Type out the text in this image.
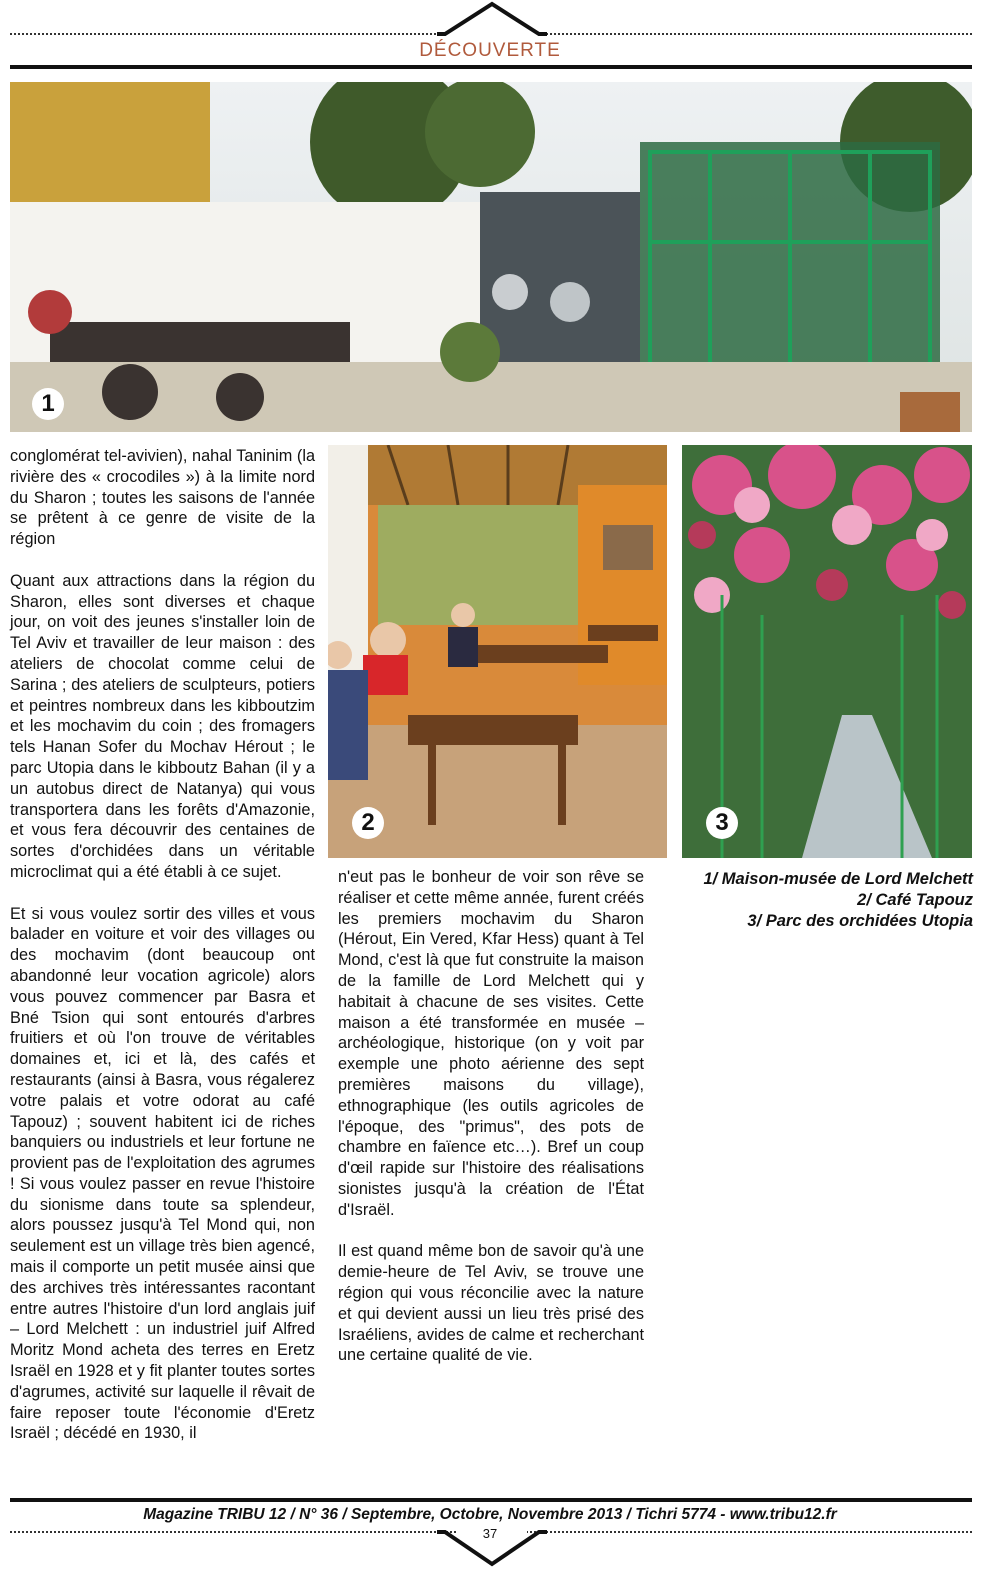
DÉCOUVERTE
1
2	3

conglomérat tel-avivien), nahal Taninim (la rivière des « crocodiles ») à la limite nord du Sharon ; toutes les saisons de l'année se prêtent à ce genre de visite de la région

Quant aux attractions dans la région du Sharon, elles sont diverses et chaque jour, on voit des jeunes s'installer loin de Tel Aviv et travailler de leur maison : des ateliers de chocolat comme celui de Sarina ; des ateliers de sculpteurs, potiers et peintres nombreux dans les kibboutzim et les mochavim du coin ; des fromagers tels Hanan Sofer du Mochav Hérout ; le parc Utopia dans le kibboutz Bahan (il y a un autobus direct de Natanya) qui vous transportera dans les forêts d'Amazonie, et vous fera découvrir des centaines de sortes d'orchidées dans un véritable microclimat qui a été établi à ce sujet.

Et si vous voulez sortir des villes et vous balader en voiture et voir des villages ou des mochavim (dont beaucoup ont abandonné leur vocation agricole) alors vous pouvez commencer par Basra et Bné Tsion qui sont entourés d'arbres fruitiers et où l'on trouve de véritables domaines et, ici et là, des cafés et restaurants (ainsi à Basra, vous régalerez votre palais et votre odorat au café Tapouz) ; souvent habitent ici de riches banquiers ou industriels et leur fortune ne provient pas de l'exploitation des agrumes ! Si vous voulez passer en revue l'histoire du sionisme dans toute sa splendeur, alors poussez jusqu'à Tel Mond qui, non seulement est un village très bien agencé, mais il comporte un petit musée ainsi que des archives très intéressantes racontant entre autres l'histoire d'un lord anglais juif – Lord Melchett : un industriel juif Alfred Moritz Mond acheta des terres en Eretz Israël en 1928 et y fit planter toutes sortes d'agrumes, activité sur laquelle il rêvait de faire reposer toute l'économie d'Eretz Israël ; décédé en 1930, il

n'eut pas le bonheur de voir son rêve se réaliser et cette même année, furent créés les premiers mochavim du Sharon (Hérout, Ein Vered, Kfar Hess) quant à Tel Mond, c'est là que fut construite la maison de la famille de Lord Melchett qui y habitait à chacune de ses visites. Cette maison a été transformée en musée – archéologique, historique (on y voit par exemple une photo aérienne des sept premières maisons du village), ethnographique (les outils agricoles de l'époque, des "primus", des pots de chambre en faïence etc…). Bref un coup d'œil rapide sur l'histoire des réalisations sionistes jusqu'à la création de l'État d'Israël.

Il est quand même bon de savoir qu'à une demie-heure de Tel Aviv, se trouve une région qui vous réconcilie avec la nature et qui devient aussi un lieu très prisé des Israéliens, avides de calme et recherchant une certaine qualité de vie.

1/ Maison-musée de Lord Melchett
2/ Café Tapouz
3/ Parc des orchidées Utopia
Magazine TRIBU 12 / N° 36 / Septembre, Octobre, Novembre 2013 / Tichri 5774 - www.tribu12.fr
37
